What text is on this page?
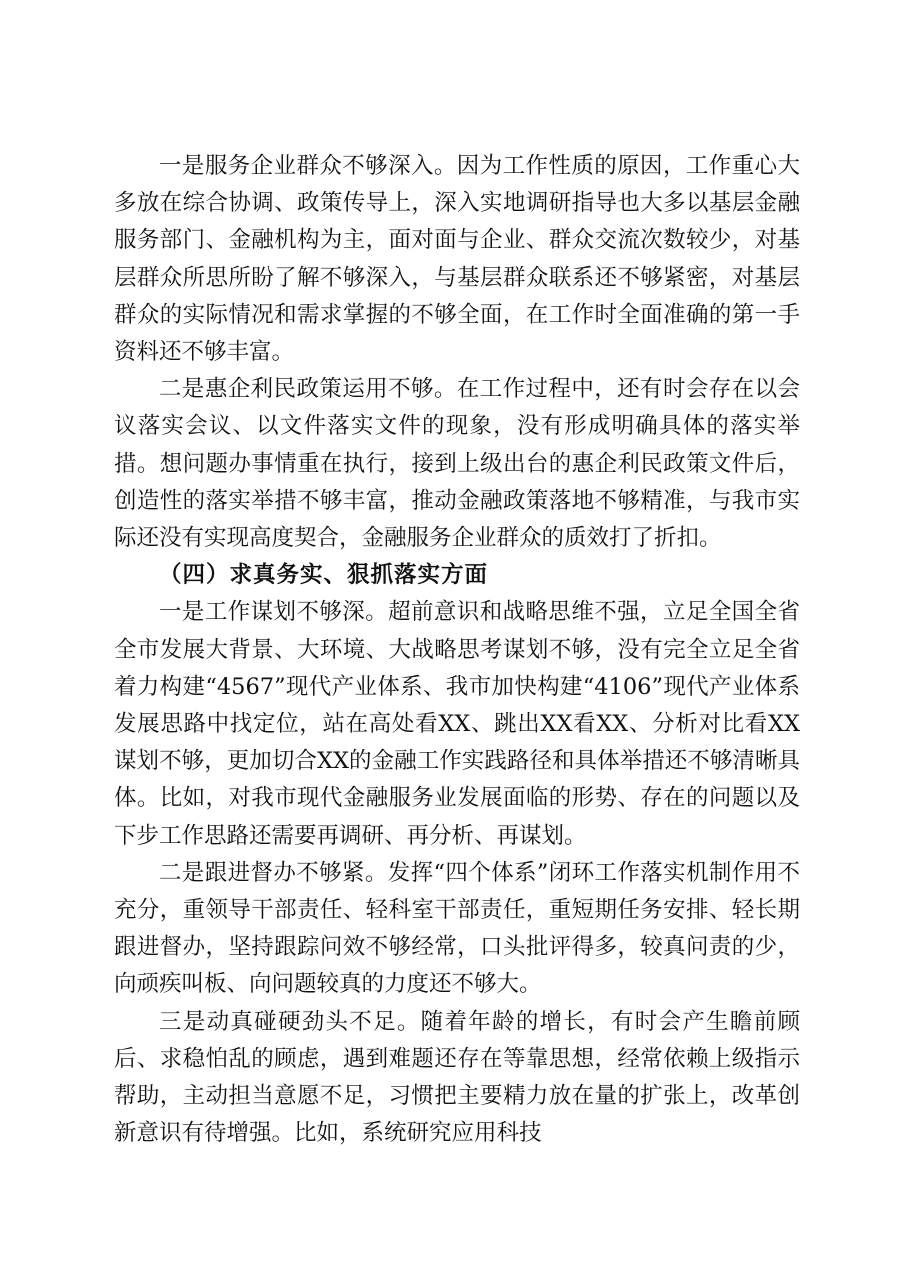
一是服务企业群众不够深入。因为工作性质的原因，工作重心大多放在综合协调、政策传导上，深入实地调研指导也大多以基层金融服务部门、金融机构为主，面对面与企业、群众交流次数较少，对基层群众所思所盼了解不够深入，与基层群众联系还不够紧密，对基层群众的实际情况和需求掌握的不够全面，在工作时全面准确的第一手资料还不够丰富。

二是惠企利民政策运用不够。在工作过程中，还有时会存在以会议落实会议、以文件落实文件的现象，没有形成明确具体的落实举措。想问题办事情重在执行，接到上级出台的惠企利民政策文件后，创造性的落实举措不够丰富，推动金融政策落地不够精准，与我市实际还没有实现高度契合，金融服务企业群众的质效打了折扣。

（四）求真务实、狠抓落实方面

一是工作谋划不够深。超前意识和战略思维不强，立足全国全省全市发展大背景、大环境、大战略思考谋划不够，没有完全立足全省着力构建“4567”现代产业体系、我市加快构建“4106”现代产业体系发展思路中找定位，站在高处看XX、跳出XX看XX、分析对比看XX谋划不够，更加切合XX的金融工作实践路径和具体举措还不够清晰具体。比如，对我市现代金融服务业发展面临的形势、存在的问题以及下步工作思路还需要再调研、再分析、再谋划。

二是跟进督办不够紧。发挥“四个体系”闭环工作落实机制作用不充分，重领导干部责任、轻科室干部责任，重短期任务安排、轻长期跟进督办，坚持跟踪问效不够经常，口头批评得多，较真问责的少，向顽疾叫板、向问题较真的力度还不够大。

三是动真碰硬劲头不足。随着年龄的增长，有时会产生瞻前顾后、求稳怕乱的顾虑，遇到难题还存在等靠思想，经常依赖上级指示帮助，主动担当意愿不足，习惯把主要精力放在量的扩张上，改革创新意识有待增强。比如，系统研究应用科技
